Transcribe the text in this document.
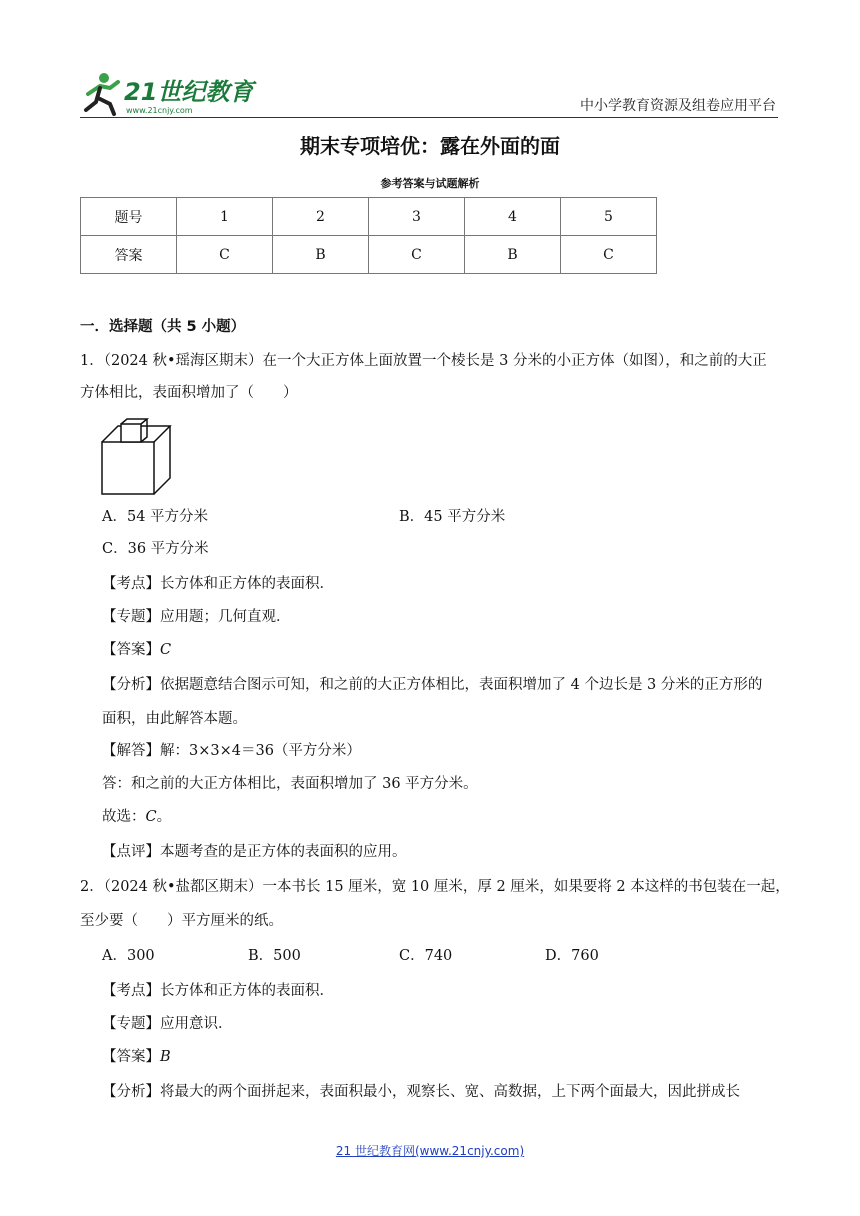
21世纪教育
www.21cnjy.com	中小学教育资源及组卷应用平台
期末专项培优：露在外面的面
参考答案与试题解析
题号	1	2	3	4	5
答案	C	B	C	B	C
一．选择题（共 5 小题）
1．（2024 秋•瑶海区期末）在一个大正方体上面放置一个棱长是 3 分米的小正方体（如图），和之前的大正
方体相比，表面积增加了（　　）
A．54 平方分米	B．45 平方分米
C．36 平方分米
【考点】长方体和正方体的表面积．
【专题】应用题；几何直观．
【答案】C
【分析】依据题意结合图示可知，和之前的大正方体相比，表面积增加了 4 个边长是 3 分米的正方形的
面积，由此解答本题。
【解答】解：3×3×4＝36（平方分米）
答：和之前的大正方体相比，表面积增加了 36 平方分米。
故选：C。
【点评】本题考查的是正方体的表面积的应用。
2．（2024 秋•盐都区期末）一本书长 15 厘米，宽 10 厘米，厚 2 厘米，如果要将 2 本这样的书包装在一起，
至少要（　　）平方厘米的纸。
A．300	B．500	C．740	D．760
【考点】长方体和正方体的表面积．
【专题】应用意识．
【答案】B
【分析】将最大的两个面拼起来，表面积最小，观察长、宽、高数据，上下两个面最大，因此拼成长
21 世纪教育网(www.21cnjy.com)
